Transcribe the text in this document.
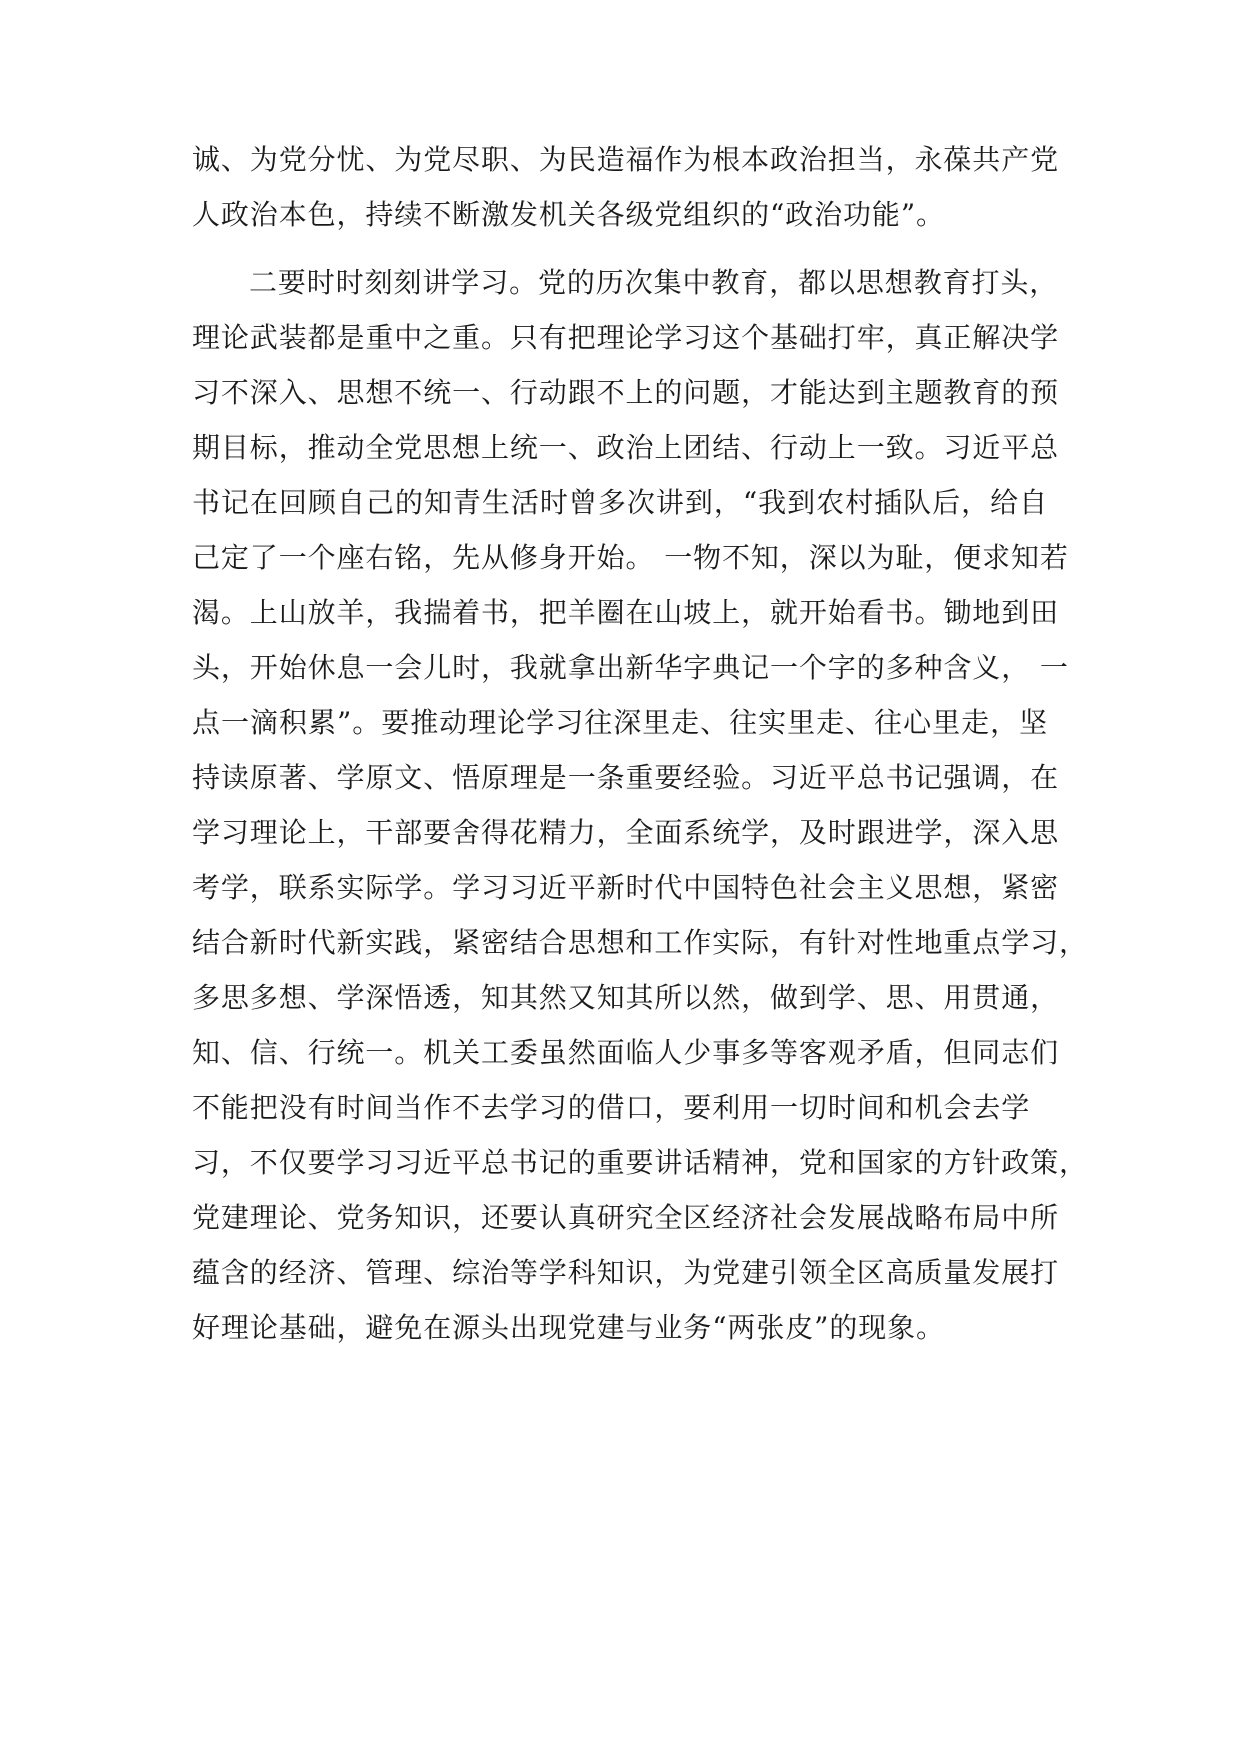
诚、为党分忧、为党尽职、为民造福作为根本政治担当，永葆共产党
人政治本色，持续不断激发机关各级党组织的“政治功能”。
二要时时刻刻讲学习。党的历次集中教育，都以思想教育打头，
理论武装都是重中之重。只有把理论学习这个基础打牢，真正解决学
习不深入、思想不统一、行动跟不上的问题，才能达到主题教育的预
期目标，推动全党思想上统一、政治上团结、行动上一致。习近平总
书记在回顾自己的知青生活时曾多次讲到，“我到农村插队后，给自
己定了一个座右铭，先从修身开始。 一物不知，深以为耻，便求知若
渴。上山放羊，我揣着书，把羊圈在山坡上，就开始看书。锄地到田
头，开始休息一会儿时，我就拿出新华字典记一个字的多种含义， 一
点一滴积累”。要推动理论学习往深里走、往实里走、往心里走，坚
持读原著、学原文、悟原理是一条重要经验。习近平总书记强调，在
学习理论上，干部要舍得花精力，全面系统学，及时跟进学，深入思
考学，联系实际学。学习习近平新时代中国特色社会主义思想，紧密
结合新时代新实践，紧密结合思想和工作实际，有针对性地重点学习，
多思多想、学深悟透，知其然又知其所以然，做到学、思、用贯通，
知、信、行统一。机关工委虽然面临人少事多等客观矛盾，但同志们
不能把没有时间当作不去学习的借口，要利用一切时间和机会去学
习，不仅要学习习近平总书记的重要讲话精神，党和国家的方针政策，
党建理论、党务知识，还要认真研究全区经济社会发展战略布局中所
蕴含的经济、管理、综治等学科知识，为党建引领全区高质量发展打
好理论基础，避免在源头出现党建与业务“两张皮”的现象。
